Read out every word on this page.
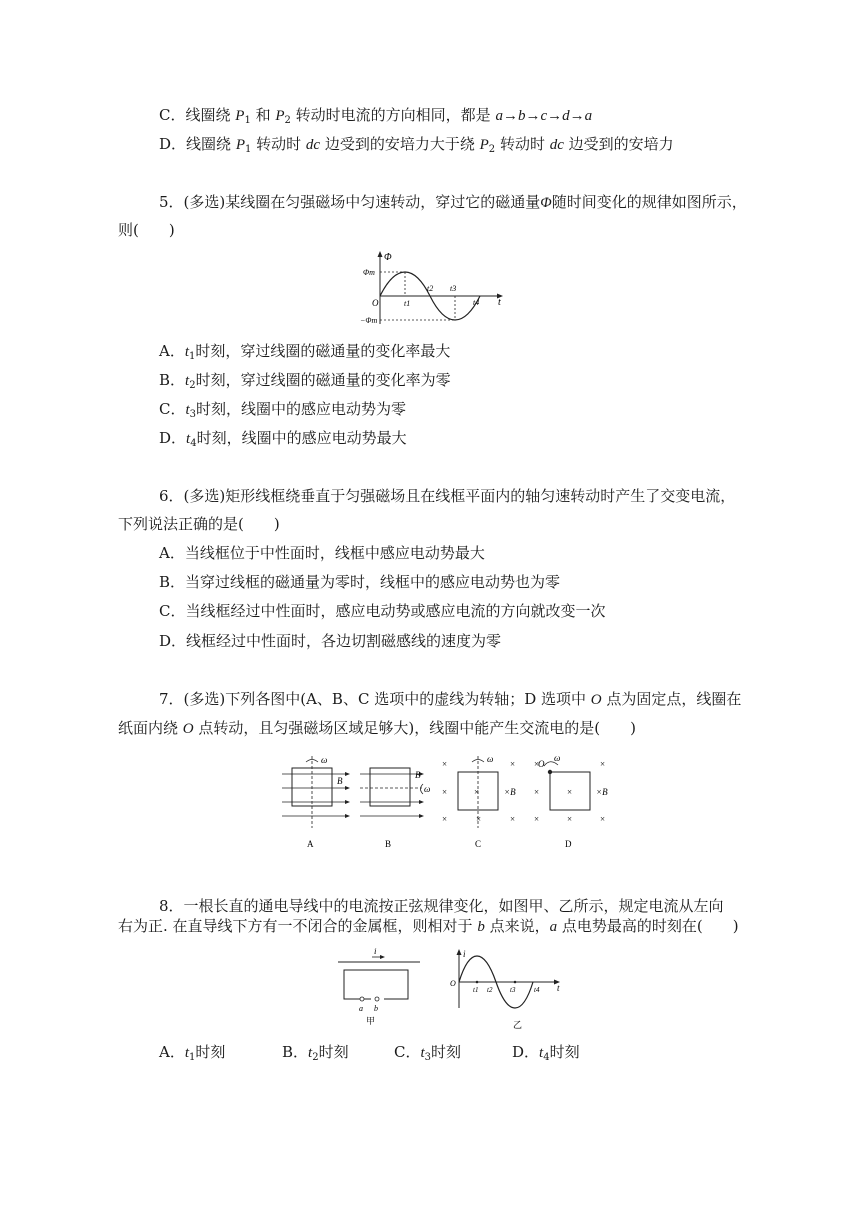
C．线圈绕 $P_1$ 和 $P_2$ 转动时电流的方向相同，都是 a→b→c→d→a
D．线圈绕 $P_1$ 转动时 dc 边受到的安培力大于绕 $P_2$ 转动时 dc 边受到的安培力
5．(多选)某线圈在匀强磁场中匀速转动，穿过它的磁通量Φ随时间变化的规律如图所示，
则(　　)
Φ
t
O
Φm
−Φm
t1
t2 t3
t4
A．$t_1$时刻，穿过线圈的磁通量的变化率最大
B．$t_2$时刻，穿过线圈的磁通量的变化率为零
C．$t_3$时刻，线圈中的感应电动势为零
D．$t_4$时刻，线圈中的感应电动势最大
6．(多选)矩形线框绕垂直于匀强磁场且在线框平面内的轴匀速转动时产生了交变电流，
下列说法正确的是(　　)
A．当线框位于中性面时，线框中感应电动势最大
B．当穿过线框的磁通量为零时，线框中的感应电动势也为零
C．当线框经过中性面时，感应电动势或感应电流的方向就改变一次
D．线框经过中性面时，各边切割磁感线的速度为零
7．(多选)下列各图中(A、B、C 选项中的虚线为转轴；D 选项中 O 点为固定点，线圈在
纸面内绕 O 点转动，且匀强磁场区域足够大)，线圈中能产生交流电的是(　　)
ω
B
A
ω
B
B
ω
×	×
×	×	×B
×	×	×
C
O
ω
×	×	×B
×	×	×
×	×
D
8．一根长直的通电导线中的电流按正弦规律变化，如图甲、乙所示，规定电流从左向
右为正. 在直导线下方有一不闭合的金属框，则相对于 b 点来说，a 点电势最高的时刻在(　　)
i
a b
甲
i
O	t
t1 t2	t3	t4
乙
A．$t_1$时刻	B．$t_2$时刻	C．$t_3$时刻	D．$t_4$时刻
